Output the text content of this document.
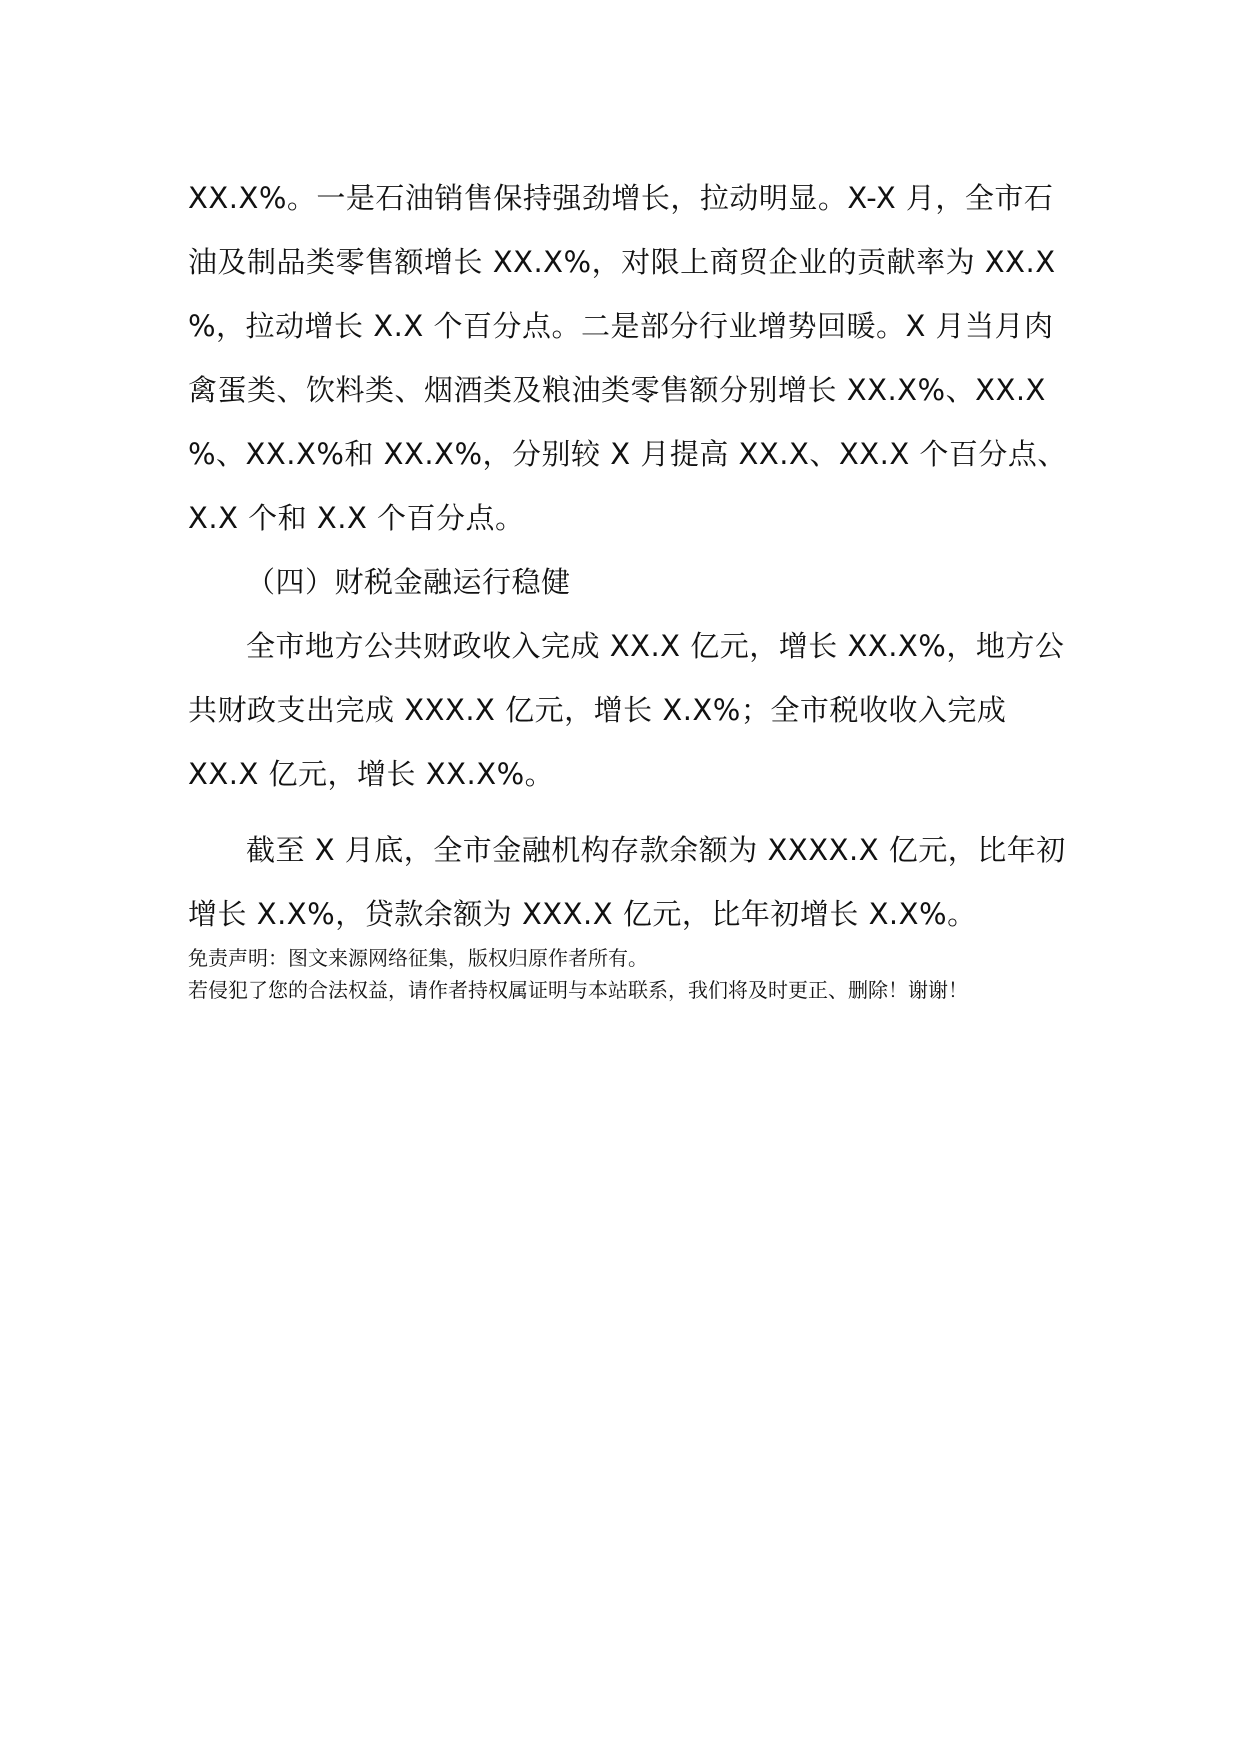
XX.X%。一是石油销售保持强劲增长，拉动明显。X-X 月，全市石
油及制品类零售额增长 XX.X%，对限上商贸企业的贡献率为 XX.X
%，拉动增长 X.X 个百分点。二是部分行业增势回暖。X 月当月肉
禽蛋类、饮料类、烟酒类及粮油类零售额分别增长 XX.X%、XX.X
%、XX.X%和 XX.X%，分别较 X 月提高 XX.X、XX.X 个百分点、
X.X 个和 X.X 个百分点。
（四）财税金融运行稳健
全市地方公共财政收入完成 XX.X 亿元，增长 XX.X%，地方公
共财政支出完成 XXX.X 亿元，增长 X.X%；全市税收收入完成
XX.X 亿元，增长 XX.X%。
截至 X 月底，全市金融机构存款余额为 XXXX.X 亿元，比年初
增长 X.X%，贷款余额为 XXX.X 亿元，比年初增长 X.X%。
免责声明：图文来源网络征集，版权归原作者所有。
若侵犯了您的合法权益，请作者持权属证明与本站联系，我们将及时更正、删除！谢谢！
